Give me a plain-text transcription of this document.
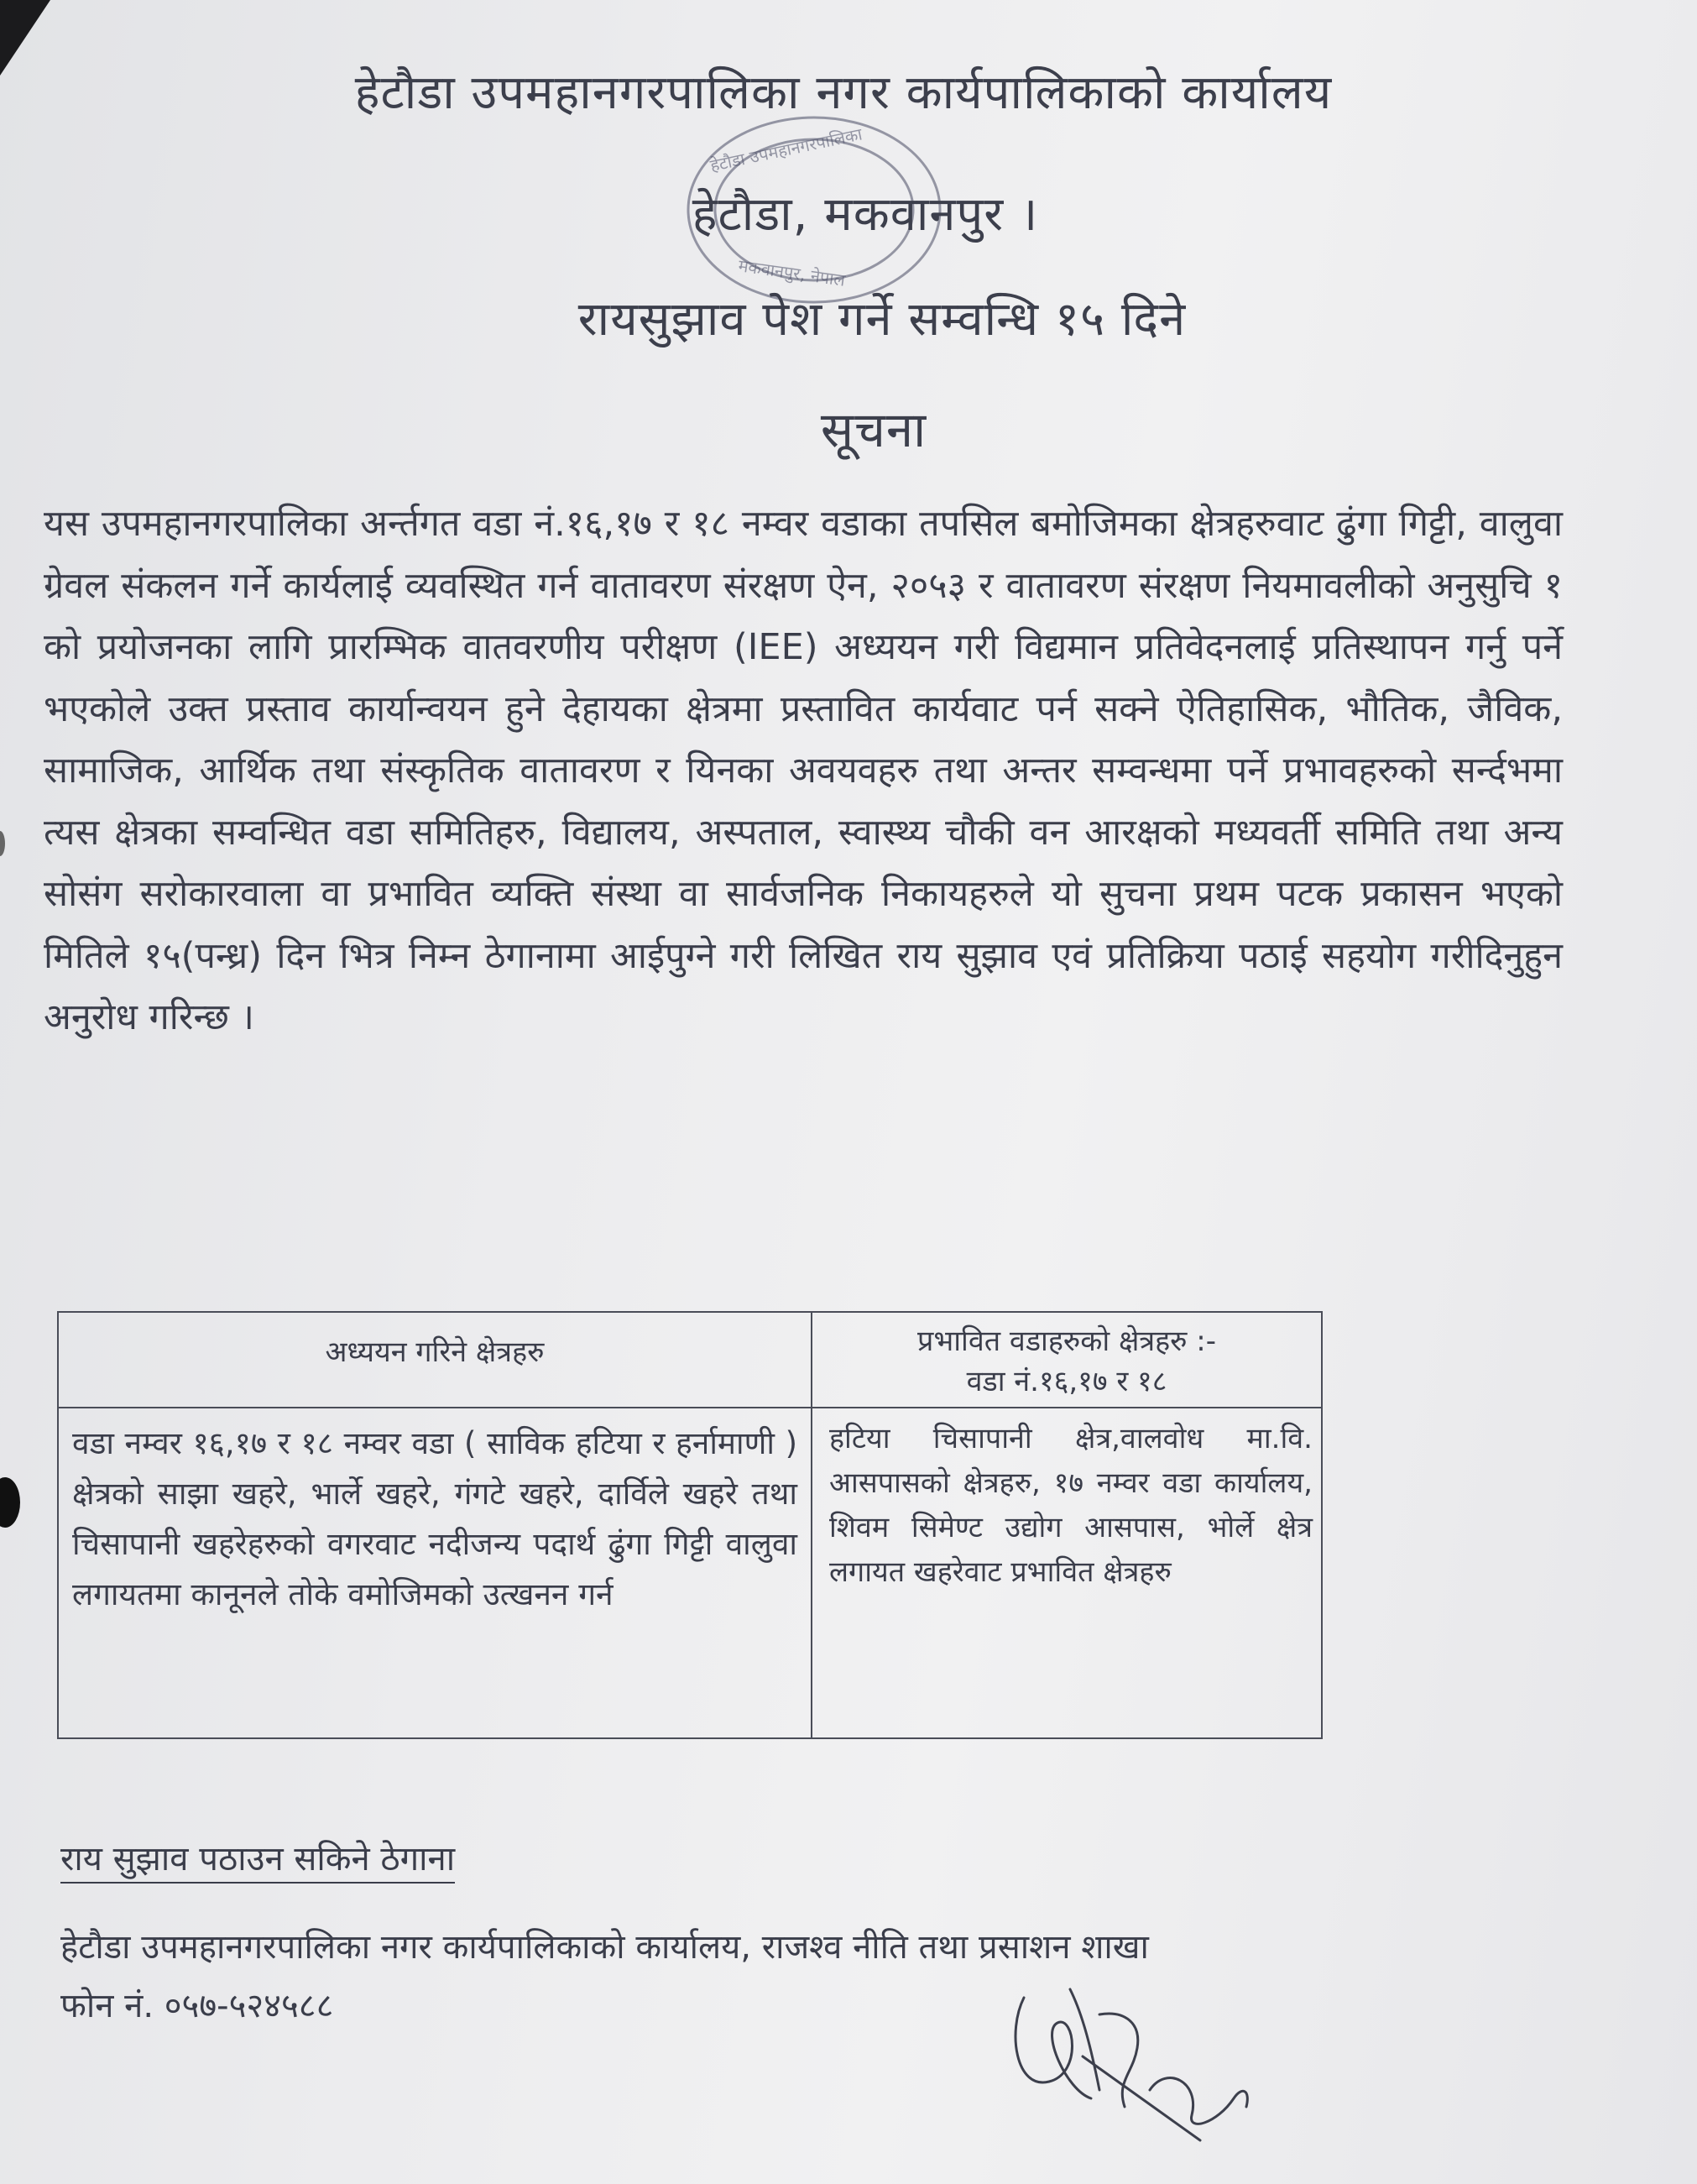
हेटौडा उपमहानगरपालिका
मकवानपुर, नेपाल
हेटौडा उपमहानगरपालिका नगर कार्यपालिकाको कार्यालय
हेटौडा, मकवानपुर ।
रायसुझाव पेश गर्ने सम्वन्धि १५ दिने
सूचना
यस उपमहानगरपालिका अर्न्तगत वडा नं.१६,१७ र १८ नम्वर वडाका तपसिल बमोजिमका क्षेत्रहरुवाट ढुंगा गिट्टी, वालुवा ग्रेवल संकलन गर्ने कार्यलाई व्यवस्थित गर्न वातावरण संरक्षण ऐन, २०५३ र वातावरण संरक्षण नियमावलीको अनुसुचि १ को प्रयोजनका लागि प्रारम्भिक वातवरणीय परीक्षण (IEE) अध्ययन गरी विद्यमान प्रतिवेदनलाई प्रतिस्थापन गर्नु पर्ने भएकोले उक्त प्रस्ताव कार्यान्वयन हुने देहायका क्षेत्रमा प्रस्तावित कार्यवाट पर्न सक्ने ऐतिहासिक, भौतिक, जैविक, सामाजिक, आर्थिक तथा संस्कृतिक वातावरण र यिनका अवयवहरु तथा अन्तर सम्वन्धमा पर्ने प्रभावहरुको सर्न्दभमा त्यस क्षेत्रका सम्वन्धित वडा समितिहरु, विद्यालय, अस्पताल, स्वास्थ्य चौकी वन आरक्षको मध्यवर्ती समिति तथा अन्य सोसंग सरोकारवाला वा प्रभावित व्यक्ति संस्था वा सार्वजनिक निकायहरुले यो सुचना प्रथम पटक प्रकासन भएको मितिले १५(पन्ध्र) दिन भित्र निम्न ठेगानामा आईपुग्ने गरी लिखित राय सुझाव एवं प्रतिक्रिया पठाई सहयोग गरीदिनुहुन अनुरोध गरिन्छ ।
अध्ययन गरिने क्षेत्रहरु	प्रभावित वडाहरुको क्षेत्रहरु :-
वडा नं.१६,१७ र १८
वडा नम्वर १६,१७ र १८ नम्वर वडा ( साविक हटिया र हर्नामाणी ) क्षेत्रको साझा खहरे, भार्ले खहरे, गंगटे खहरे, दार्विले खहरे तथा चिसापानी खहरेहरुको वगरवाट नदीजन्य पदार्थ ढुंगा गिट्टी वालुवा लगायतमा कानूनले तोके वमोजिमको उत्खनन गर्न
हटिया चिसापानी क्षेत्र,वालवोध मा.वि. आसपासको क्षेत्रहरु, १७ नम्वर वडा कार्यालय, शिवम सिमेण्ट उद्योग आसपास, भोर्ले क्षेत्र लगायत खहरेवाट प्रभावित क्षेत्रहरु
राय सुझाव पठाउन सकिने ठेगाना
हेटौडा उपमहानगरपालिका नगर कार्यपालिकाको कार्यालय, राजश्व नीति तथा प्रसाशन शाखा
फोन नं. ०५७-५२४५८८
